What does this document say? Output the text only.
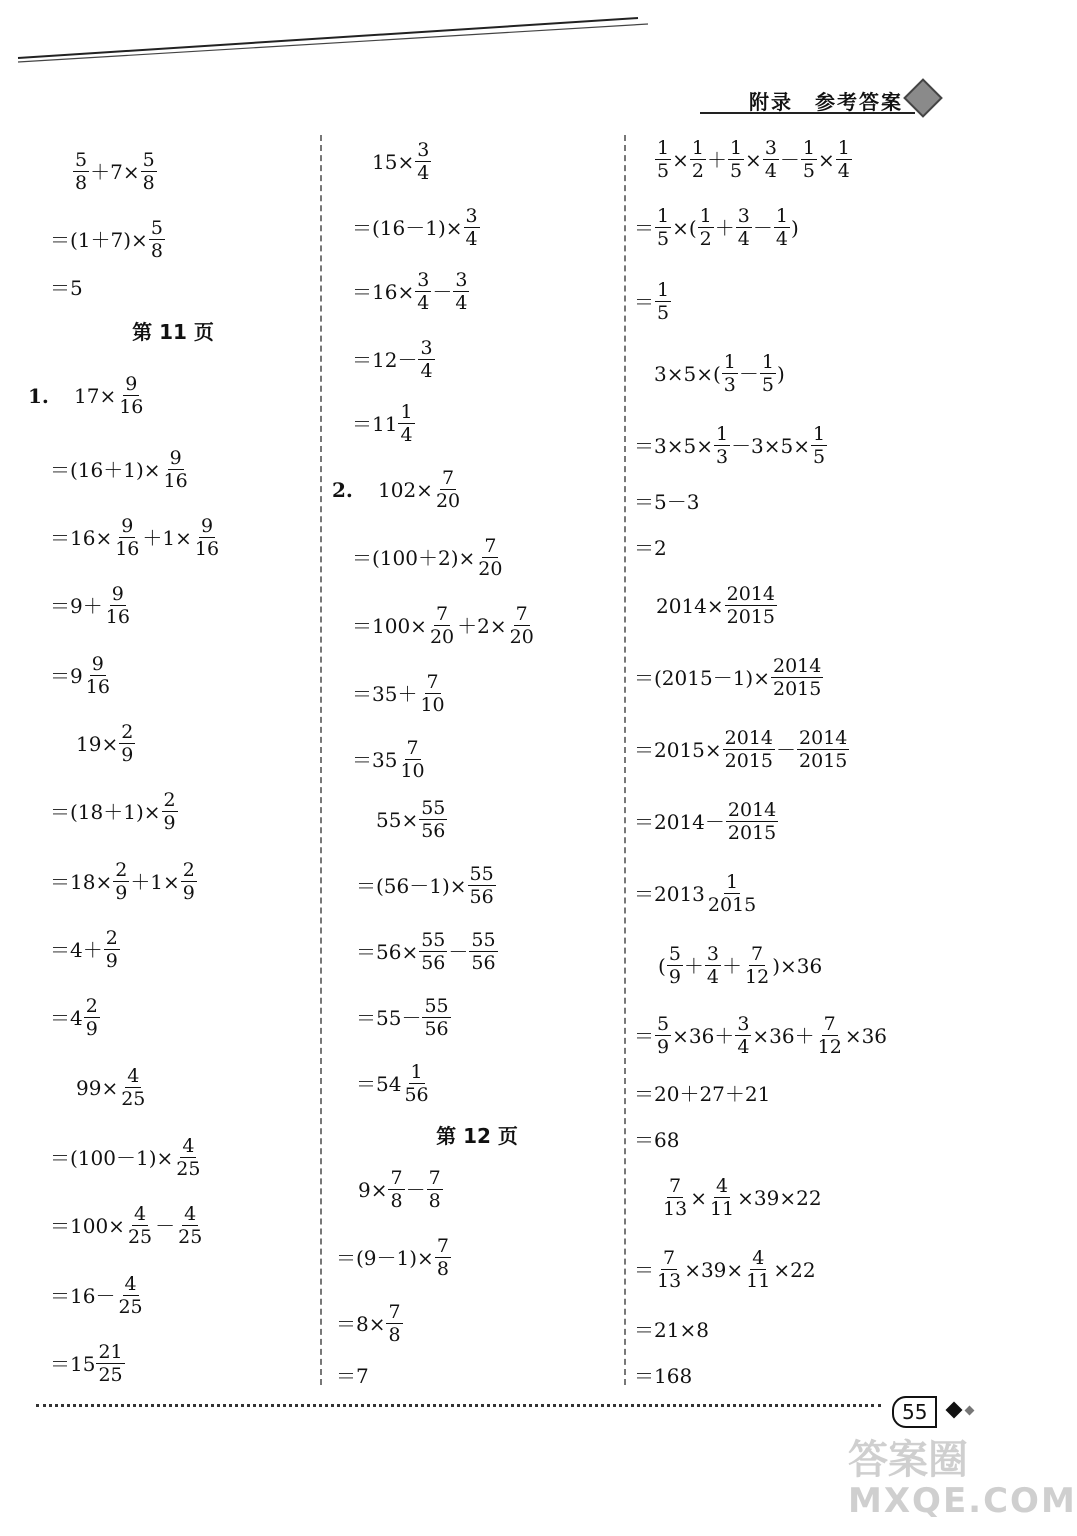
附录　参考答案
$\frac{5}{8} +7\times \frac{5}{8}$
$=(1+7)\times \frac{5}{8}$
＝5
第 11 页
1.	$17\times \frac{9}{16}$
$=(16+1)\times \frac{9}{16}$
$=16\times \frac{9}{16} +1\times \frac{9}{16}$
$=9+ \frac{9}{16}$
$=9 \frac{9}{16}$
$19\times \frac{2}{9}$
$=(18+1)\times \frac{2}{9}$
$=18\times \frac{2}{9} +1\times \frac{2}{9}$
$=4+ \frac{2}{9}$
$=4 \frac{2}{9}$
$99\times \frac{4}{25}$
$=(100-1)\times \frac{4}{25}$
$=100\times \frac{4}{25} - \frac{4}{25}$
$=16- \frac{4}{25}$
$=15 \frac{21}{25}$
$15\times \frac{3}{4}$
$=(16-1)\times \frac{3}{4}$
$=16\times \frac{3}{4} - \frac{3}{4}$
$=12- \frac{3}{4}$
$=11 \frac{1}{4}$
2.	$102\times \frac{7}{20}$
$=(100+2)\times \frac{7}{20}$
$=100\times \frac{7}{20} +2\times \frac{7}{20}$
$=35+ \frac{7}{10}$
$=35 \frac{7}{10}$
$55\times \frac{55}{56}$
$=(56-1)\times \frac{55}{56}$
$=56\times \frac{55}{56} - \frac{55}{56}$
$=55- \frac{55}{56}$
$=54 \frac{1}{56}$
第 12 页
$9\times \frac{7}{8} - \frac{7}{8}$
$=(9-1)\times \frac{7}{8}$
$=8\times \frac{7}{8}$
＝7
$\frac{1}{5} \times \frac{1}{2} + \frac{1}{5} \times \frac{3}{4} - \frac{1}{5} \times \frac{1}{4}$
＝ $\frac{1}{5}$ ×( $\frac{1}{2} + \frac{3}{4} - \frac{1}{4}$ )
＝ $\frac{1}{5}$
$3\times 5\times( \frac{1}{3} - \frac{1}{5}$ )
$=3\times 5\times \frac{1}{3} -3\times 5\times \frac{1}{5}$
＝5－3
＝2
$2014\times \frac{2014}{2015}$
$=(2015-1)\times \frac{2014}{2015}$
$=2015\times \frac{2014}{2015} - \frac{2014}{2015}$
$=2014- \frac{2014}{2015}$
$=2013 \frac{1}{2015}$
( $\frac{5}{9} + \frac{3}{4} + \frac{7}{12} )\times 36$
＝ $\frac{5}{9} \times 36+ \frac{3}{4} \times 36+ \frac{7}{12} \times 36$
＝20＋27＋21
＝68
$\frac{7}{13} \times \frac{4}{11} \times 39\times 22$
＝ $\frac{7}{13} \times 39\times \frac{4}{11} \times 22$
＝21×8
＝168
55
答案圈
MXQE.COM
